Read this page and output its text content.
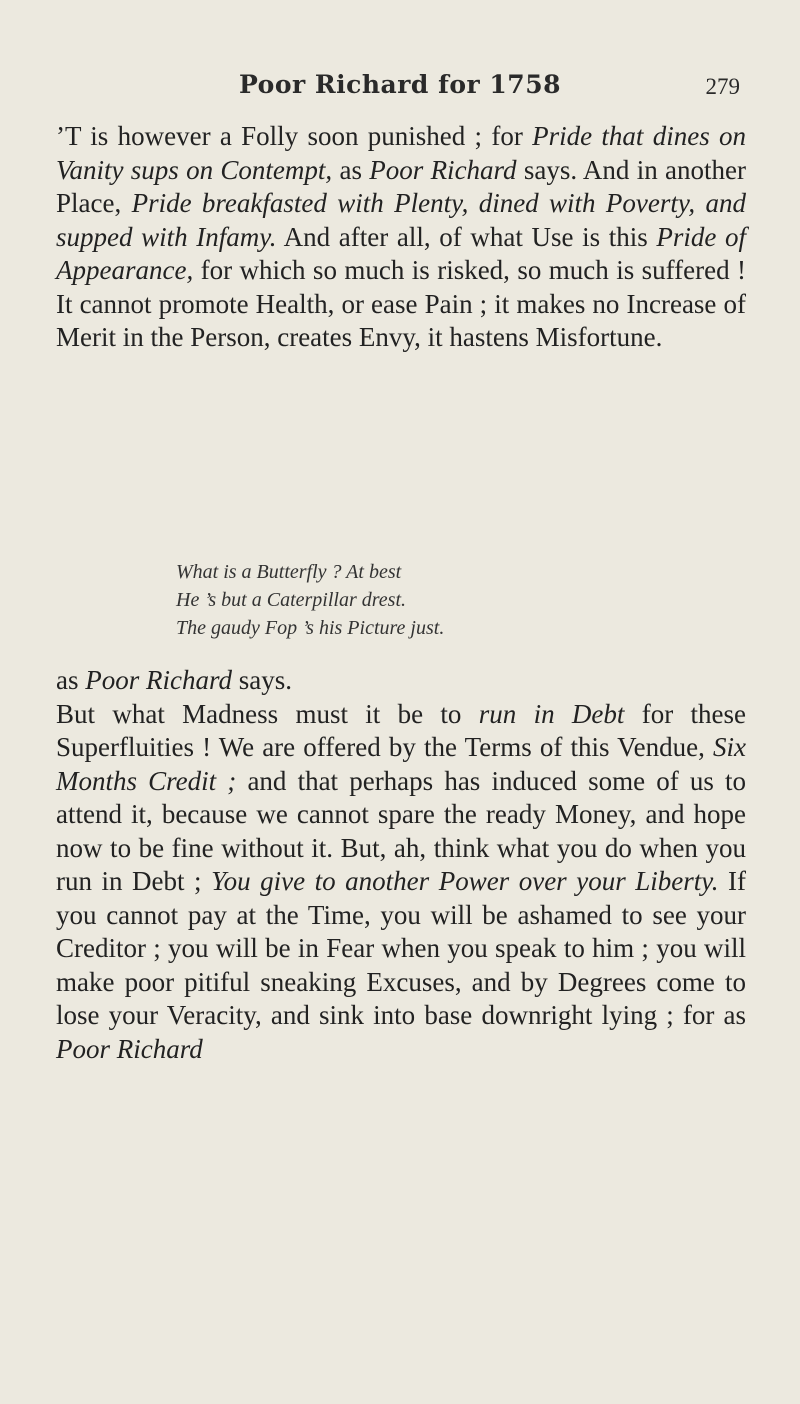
Poor Richard for 1758	279

’T is however a Folly soon punished ; for Pride that dines on Vanity sups on Contempt, as Poor Richard says. And in another Place, Pride breakfasted with Plenty, dined with Poverty, and supped with Infamy. And after all, of what Use is this Pride of Appearance, for which so much is risked, so much is suffered ! It cannot promote Health, or ease Pain ; it makes no Increase of Merit in the Person, creates Envy, it hastens Misfortune.

What is a Butterfly ? At best
He ’s but a Caterpillar drest.
The gaudy Fop ’s his Picture just.

as Poor Richard says.

But what Madness must it be to run in Debt for these Superfluities ! We are offered by the Terms of this Vendue, Six Months Credit ; and that perhaps has induced some of us to attend it, because we cannot spare the ready Money, and hope now to be fine without it. But, ah, think what you do when you run in Debt ; You give to another Power over your Liberty. If you cannot pay at the Time, you will be ashamed to see your Creditor ; you will be in Fear when you speak to him ; you will make poor pitiful sneaking Excuses, and by Degrees come to lose your Veracity, and sink into base downright lying ; for as Poor Richard
